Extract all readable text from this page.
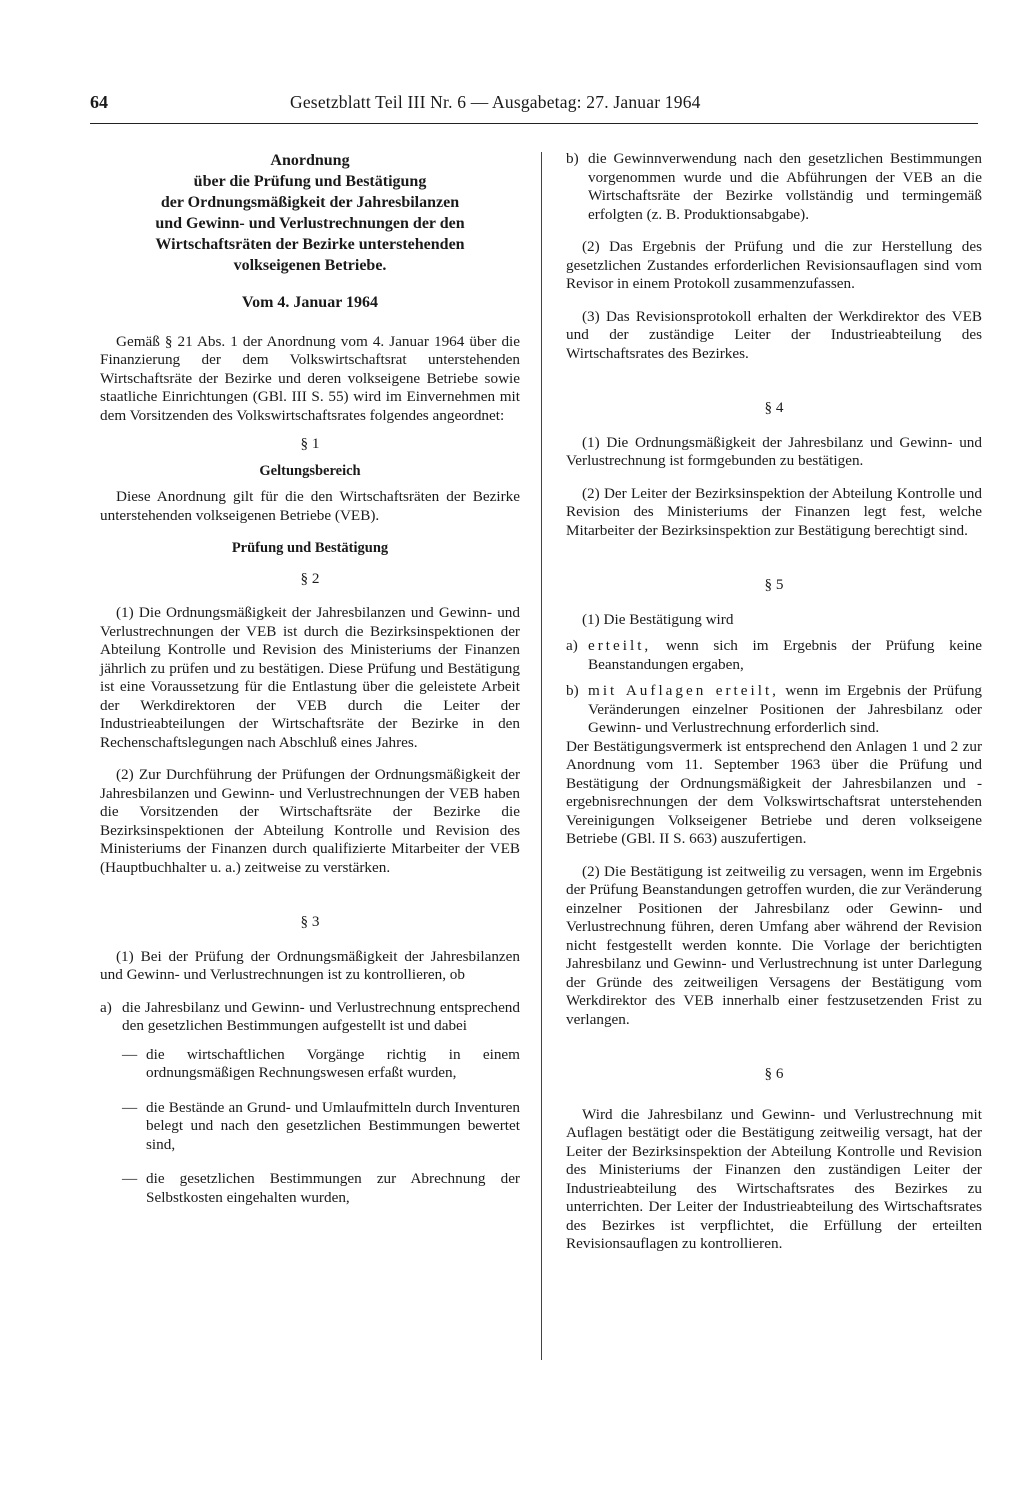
64	Gesetzblatt Teil III Nr. 6 — Ausgabetag: 27. Januar 1964
Anordnung
über die Prüfung und Bestätigung
der Ordnungsmäßigkeit der Jahresbilanzen
und Gewinn- und Verlustrechnungen der den
Wirtschaftsräten der Bezirke unterstehenden
volkseigenen Betriebe.
Vom 4. Januar 1964

Gemäß § 21 Abs. 1 der Anordnung vom 4. Januar 1964 über die Finanzierung der dem Volkswirtschaftsrat unterstehenden Wirtschaftsräte der Bezirke und deren volkseigene Betriebe sowie staatliche Einrichtungen (GBl. III S. 55) wird im Einvernehmen mit dem Vorsitzenden des Volkswirtschaftsrates folgendes angeordnet:

§ 1
Geltungsbereich

Diese Anordnung gilt für die den Wirtschaftsräten der Bezirke unterstehenden volkseigenen Betriebe (VEB).

Prüfung und Bestätigung
§ 2

(1) Die Ordnungsmäßigkeit der Jahresbilanzen und Gewinn- und Verlustrechnungen der VEB ist durch die Bezirksinspektionen der Abteilung Kontrolle und Revision des Ministeriums der Finanzen jährlich zu prüfen und zu bestätigen. Diese Prüfung und Bestätigung ist eine Voraussetzung für die Entlastung über die geleistete Arbeit der Werkdirektoren der VEB durch die Leiter der Industrieabteilungen der Wirtschaftsräte der Bezirke in den Rechenschaftslegungen nach Abschluß eines Jahres.

(2) Zur Durchführung der Prüfungen der Ordnungsmäßigkeit der Jahresbilanzen und Gewinn- und Verlustrechnungen der VEB haben die Vorsitzenden der Wirtschaftsräte der Bezirke die Bezirksinspektionen der Abteilung Kontrolle und Revision des Ministeriums der Finanzen durch qualifizierte Mitarbeiter der VEB (Hauptbuchhalter u. a.) zeitweise zu verstärken.

§ 3

(1) Bei der Prüfung der Ordnungsmäßigkeit der Jahresbilanzen und Gewinn- und Verlustrechnungen ist zu kontrollieren, ob

a) die Jahresbilanz und Gewinn- und Verlustrechnung entsprechend den gesetzlichen Bestimmungen aufgestellt ist und dabei
— die wirtschaftlichen Vorgänge richtig in einem ordnungsmäßigen Rechnungswesen erfaßt wurden,
— die Bestände an Grund- und Umlaufmitteln durch Inventuren belegt und nach den gesetzlichen Bestimmungen bewertet sind,
— die gesetzlichen Bestimmungen zur Abrechnung der Selbstkosten eingehalten wurden,
b) die Gewinnverwendung nach den gesetzlichen Bestimmungen vorgenommen wurde und die Abführungen der VEB an die Wirtschaftsräte der Bezirke vollständig und termingemäß erfolgten (z. B. Produktionsabgabe).

(2) Das Ergebnis der Prüfung und die zur Herstellung des gesetzlichen Zustandes erforderlichen Revisionsauflagen sind vom Revisor in einem Protokoll zusammenzufassen.

(3) Das Revisionsprotokoll erhalten der Werkdirektor des VEB und der zuständige Leiter der Industrieabteilung des Wirtschaftsrates des Bezirkes.

§ 4

(1) Die Ordnungsmäßigkeit der Jahresbilanz und Gewinn- und Verlustrechnung ist formgebunden zu bestätigen.

(2) Der Leiter der Bezirksinspektion der Abteilung Kontrolle und Revision des Ministeriums der Finanzen legt fest, welche Mitarbeiter der Bezirksinspektion zur Bestätigung berechtigt sind.

§ 5

(1) Die Bestätigung wird

a) erteilt, wenn sich im Ergebnis der Prüfung keine Beanstandungen ergaben,
b) mit Auflagen erteilt, wenn im Ergebnis der Prüfung Veränderungen einzelner Positionen der Jahresbilanz oder Gewinn- und Verlustrechnung erforderlich sind.

Der Bestätigungsvermerk ist entsprechend den Anlagen 1 und 2 zur Anordnung vom 11. September 1963 über die Prüfung und Bestätigung der Ordnungsmäßigkeit der Jahresbilanzen und -ergebnisrechnungen der dem Volkswirtschaftsrat unterstehenden Vereinigungen Volkseigener Betriebe und deren volkseigene Betriebe (GBl. II S. 663) auszufertigen.

(2) Die Bestätigung ist zeitweilig zu versagen, wenn im Ergebnis der Prüfung Beanstandungen getroffen wurden, die zur Veränderung einzelner Positionen der Jahresbilanz oder Gewinn- und Verlustrechnung führen, deren Umfang aber während der Revision nicht festgestellt werden konnte. Die Vorlage der berichtigten Jahresbilanz und Gewinn- und Verlustrechnung ist unter Darlegung der Gründe des zeitweiligen Versagens der Bestätigung vom Werkdirektor des VEB innerhalb einer festzusetzenden Frist zu verlangen.

§ 6

Wird die Jahresbilanz und Gewinn- und Verlustrechnung mit Auflagen bestätigt oder die Bestätigung zeitweilig versagt, hat der Leiter der Bezirksinspektion der Abteilung Kontrolle und Revision des Ministeriums der Finanzen den zuständigen Leiter der Industrieabteilung des Wirtschaftsrates des Bezirkes zu unterrichten. Der Leiter der Industrieabteilung des Wirtschaftsrates des Bezirkes ist verpflichtet, die Erfüllung der erteilten Revisionsauflagen zu kontrollieren.
